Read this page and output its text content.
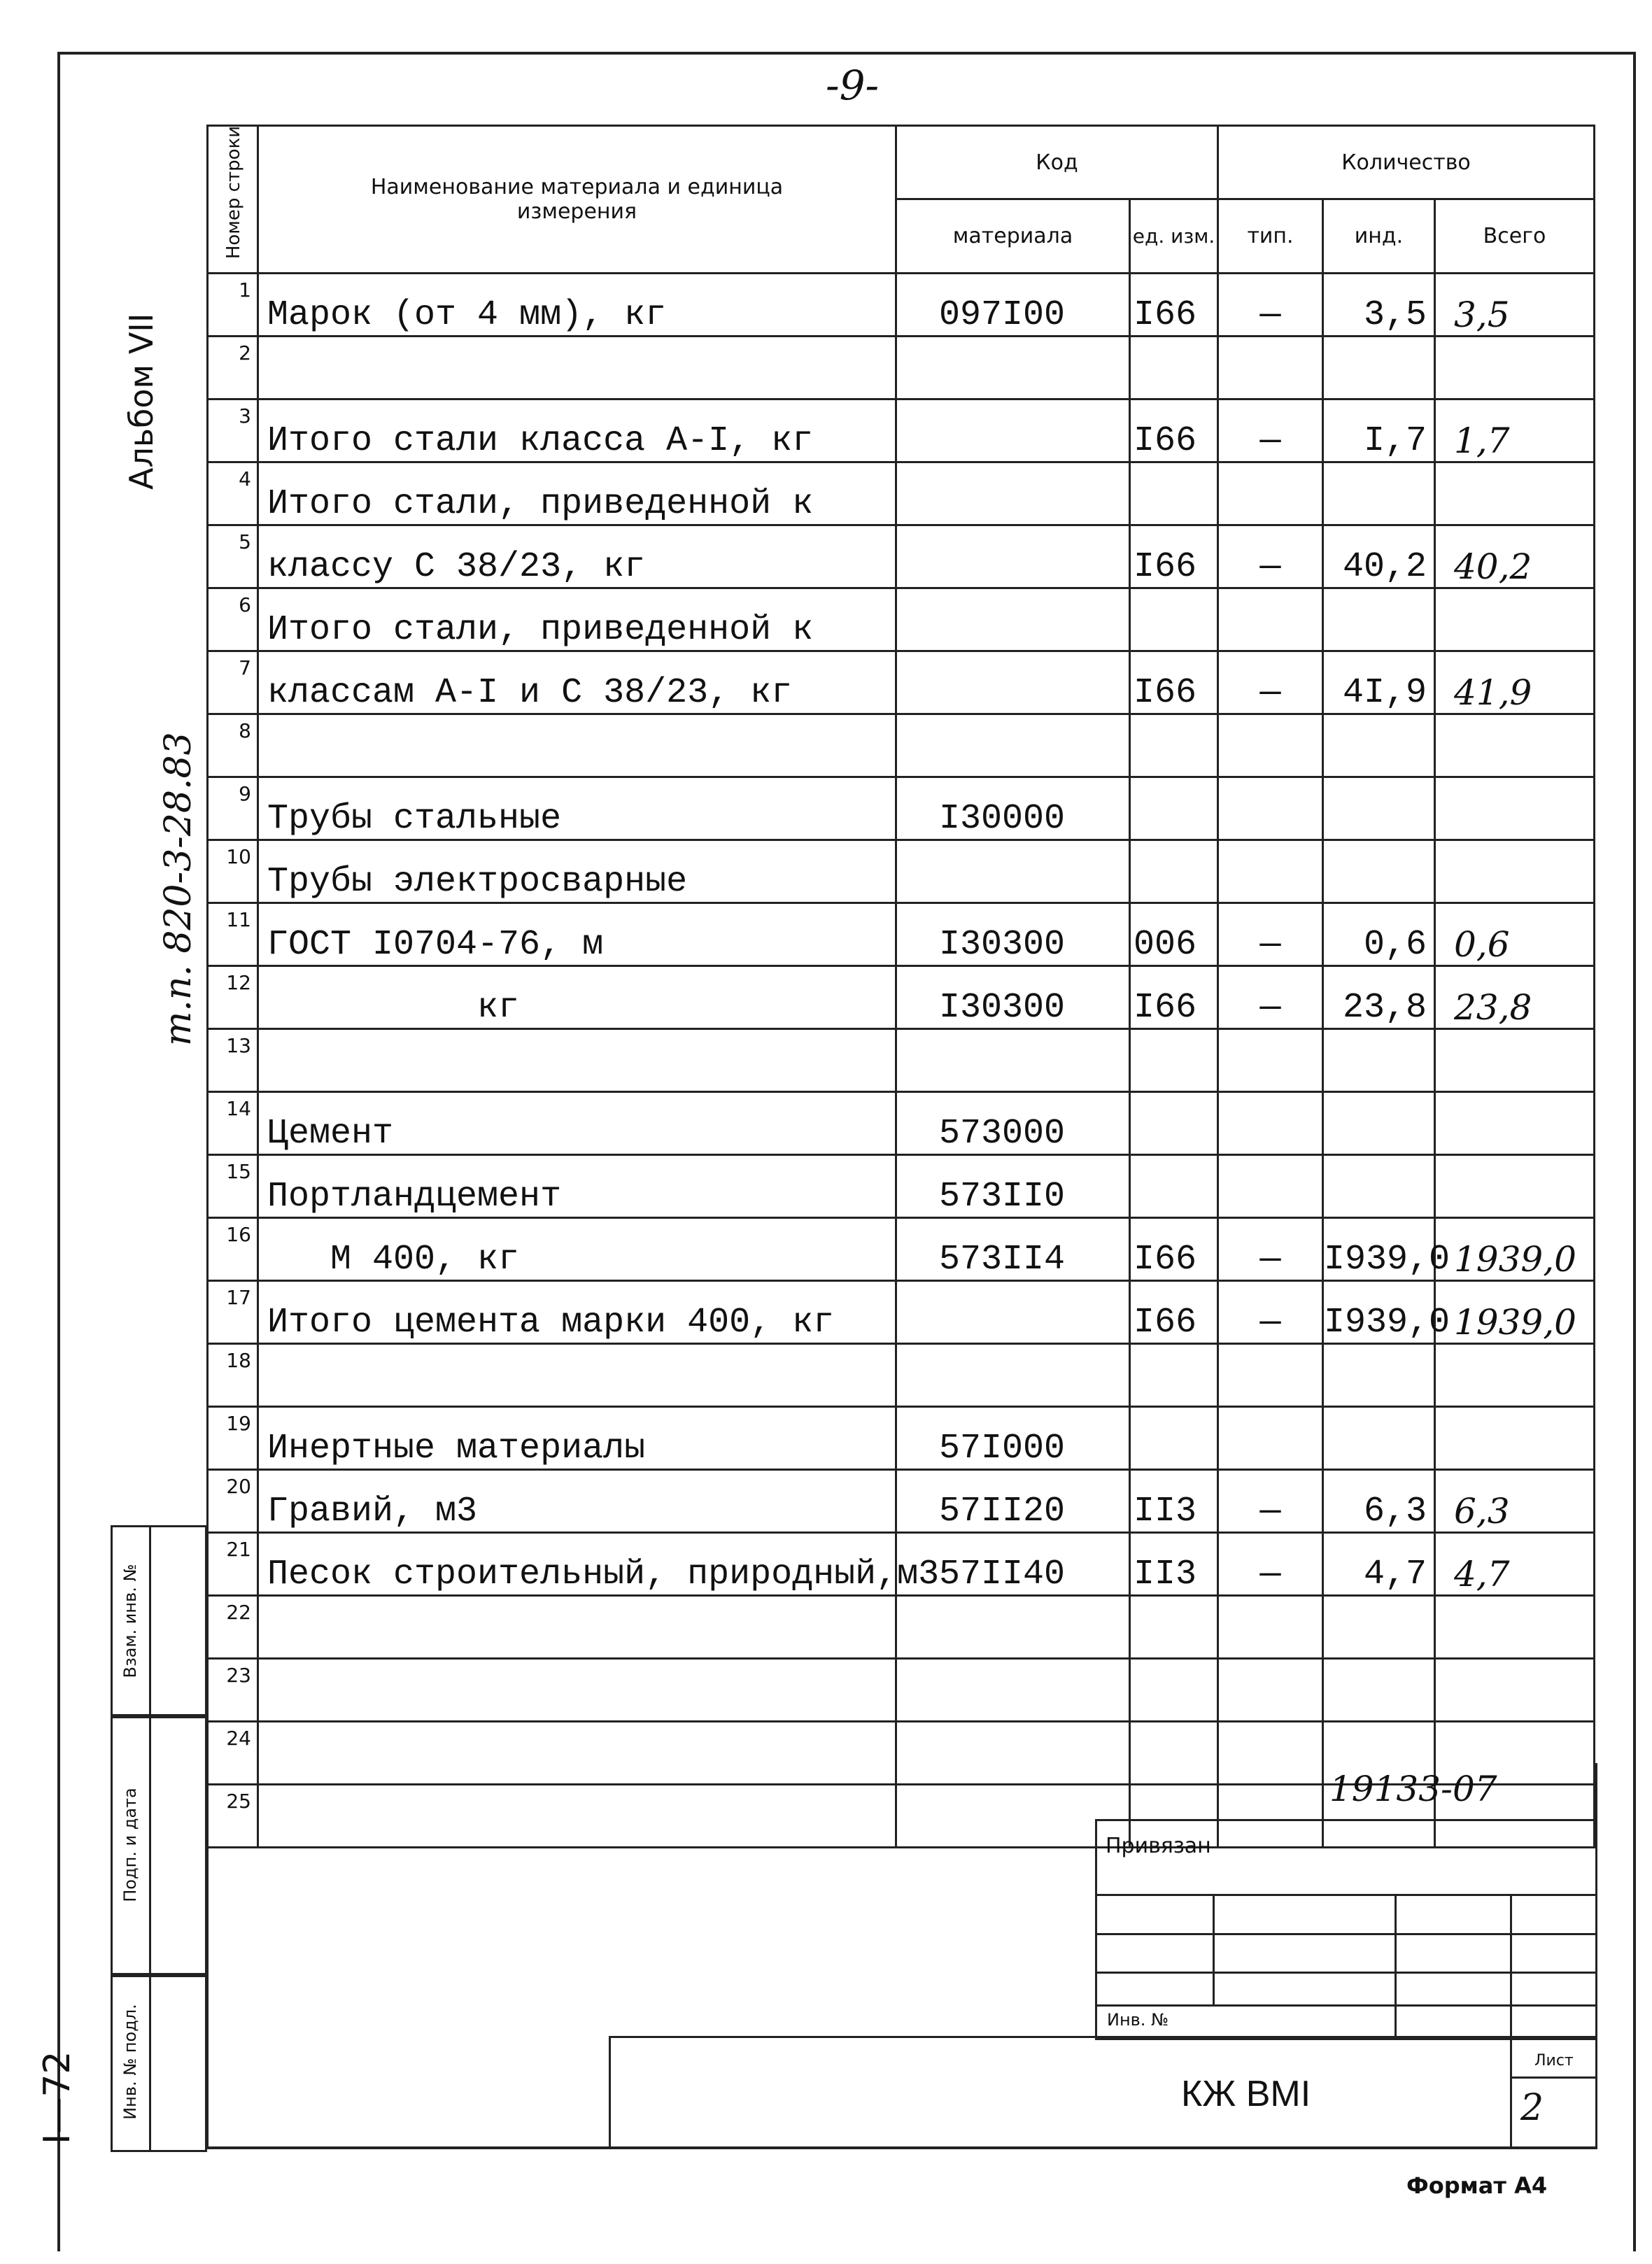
-9-
Альбом VII
т.п. 820-3-28.83
I—72
Номер строки	Наименование материала и единица измерения	Код		Количество		
		материала	ед. изм.	тип.	инд.	Всего
1	Марок (от 4 мм), кг	097I00	I66	—	3,5	3,5
2						
3	Итого стали класса А-I, кг		I66	—	I,7	1,7
4	Итого стали, приведенной к					
5	классу С 38/23, кг		I66	—	40,2	40,2
6	Итого стали, приведенной к					
7	классам А-I и С 38/23, кг		I66	—	4I,9	41,9
8						
9	Трубы стальные	I30000				
10	Трубы электросварные					
11	ГОСТ I0704-76, м	I30300	006	—	0,6	0,6
12	кг	I30300	I66	—	23,8	23,8
13						
14	Цемент	573000				
15	Портландцемент	573II0				
16	М 400, кг	573II4	I66	—	I939,0	1939,0
17	Итого цемента марки 400, кг		I66	—	I939,0	1939,0
18						
19	Инертные материалы	57I000				
20	Гравий, м3	57II20	II3	—	6,3	6,3
21	Песок строительный, природный,м3	57II40	II3	—	4,7	4,7
22						
23						
24						
25						
Взам. инв. №
Подп. и дата
Инв. № подл.
19133-07
Привязан
Инв. №
КЖ ВМI
Лист
2
Формат А4
